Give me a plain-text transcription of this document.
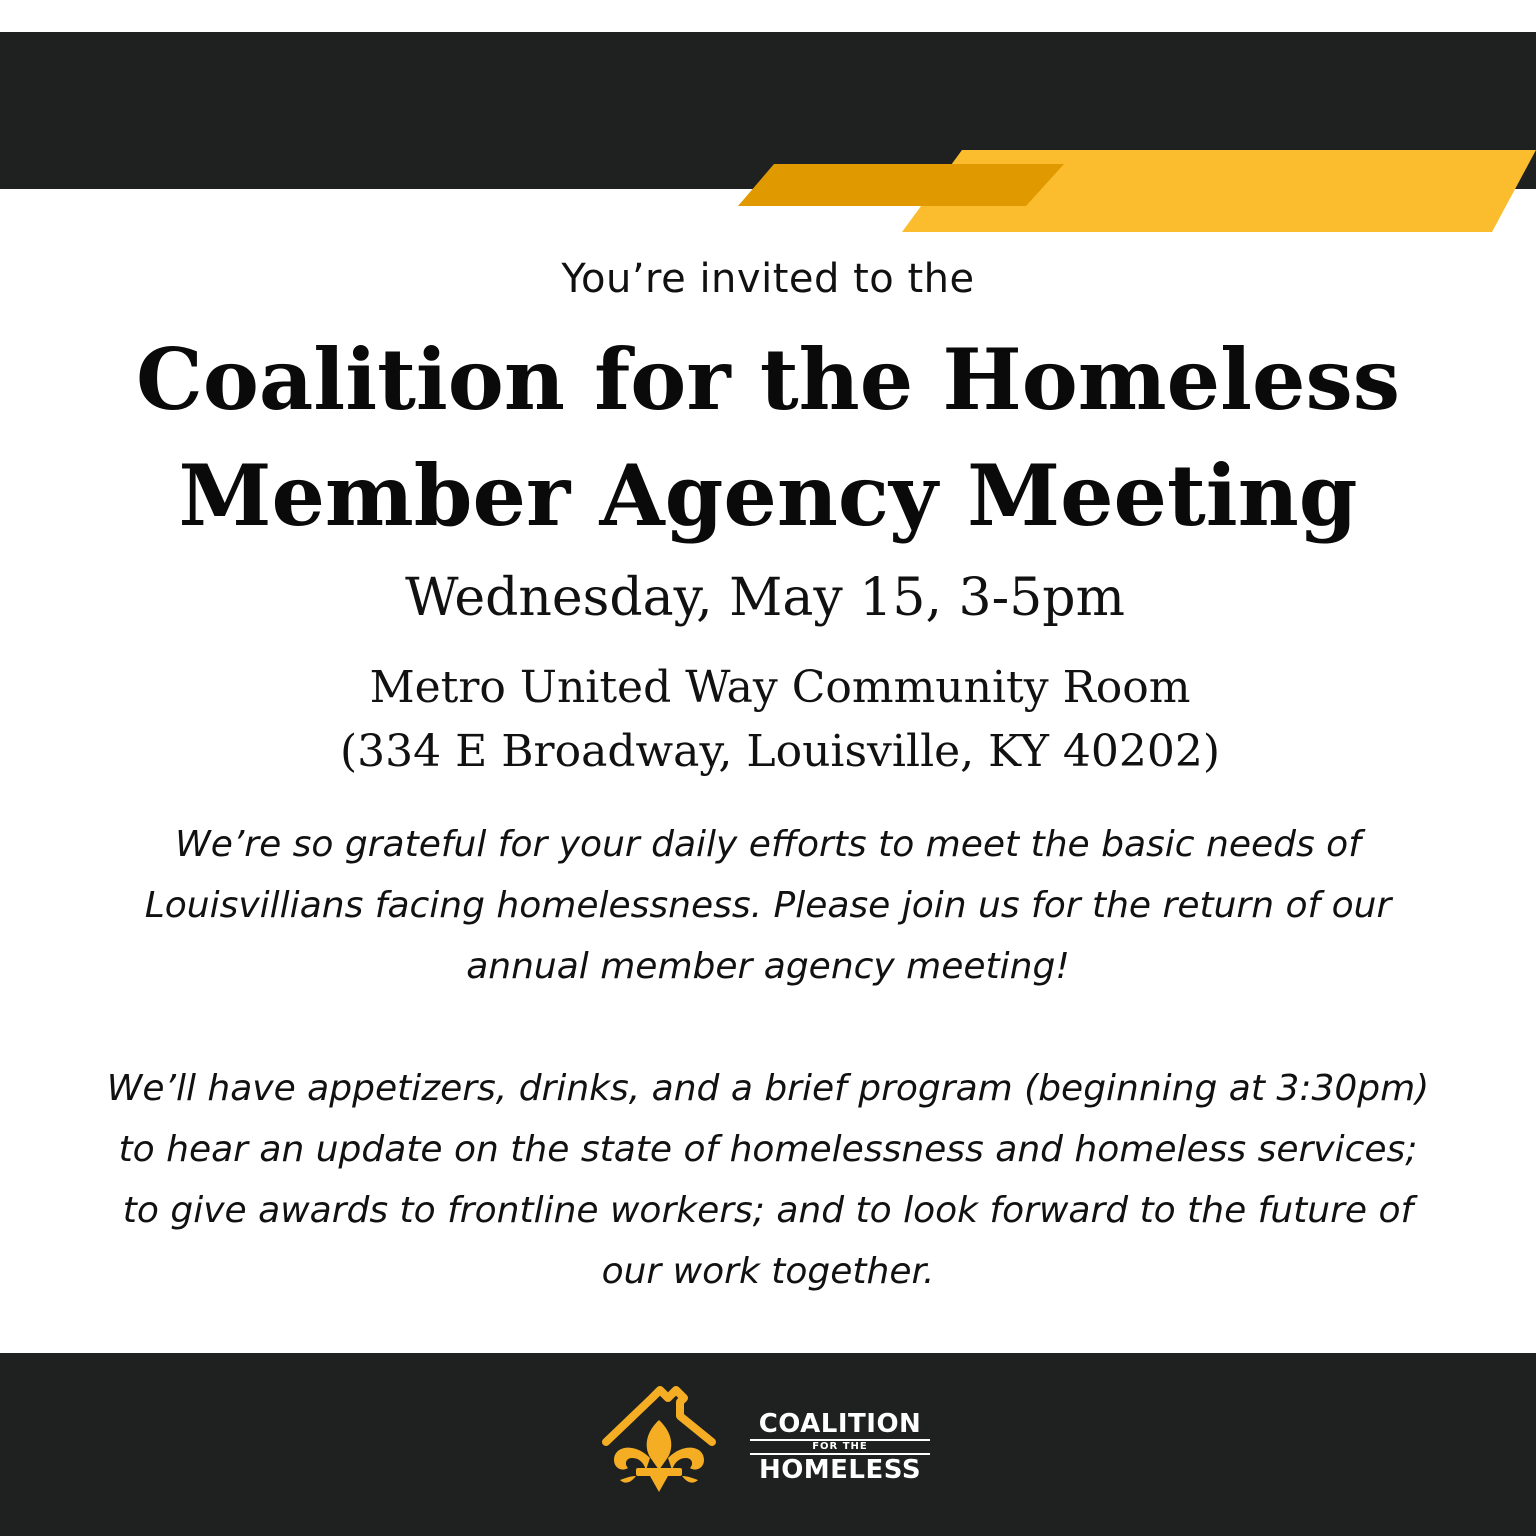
You’re invited to the
Coalition for the Homeless
Member Agency Meeting
Wednesday, May 15, 3-5pm
Metro United Way Community Room
(334 E Broadway, Louisville, KY 40202)

We’re so grateful for your daily efforts to meet the basic needs of Louisvillians facing homelessness. Please join us for the return of our annual member agency meeting!

We’ll have appetizers, drinks, and a brief program (beginning at 3:30pm) to hear an update on the state of homelessness and homeless services; to give awards to frontline workers; and to look forward to the future of our work together.

COALITION
FOR THE
HOMELESS
